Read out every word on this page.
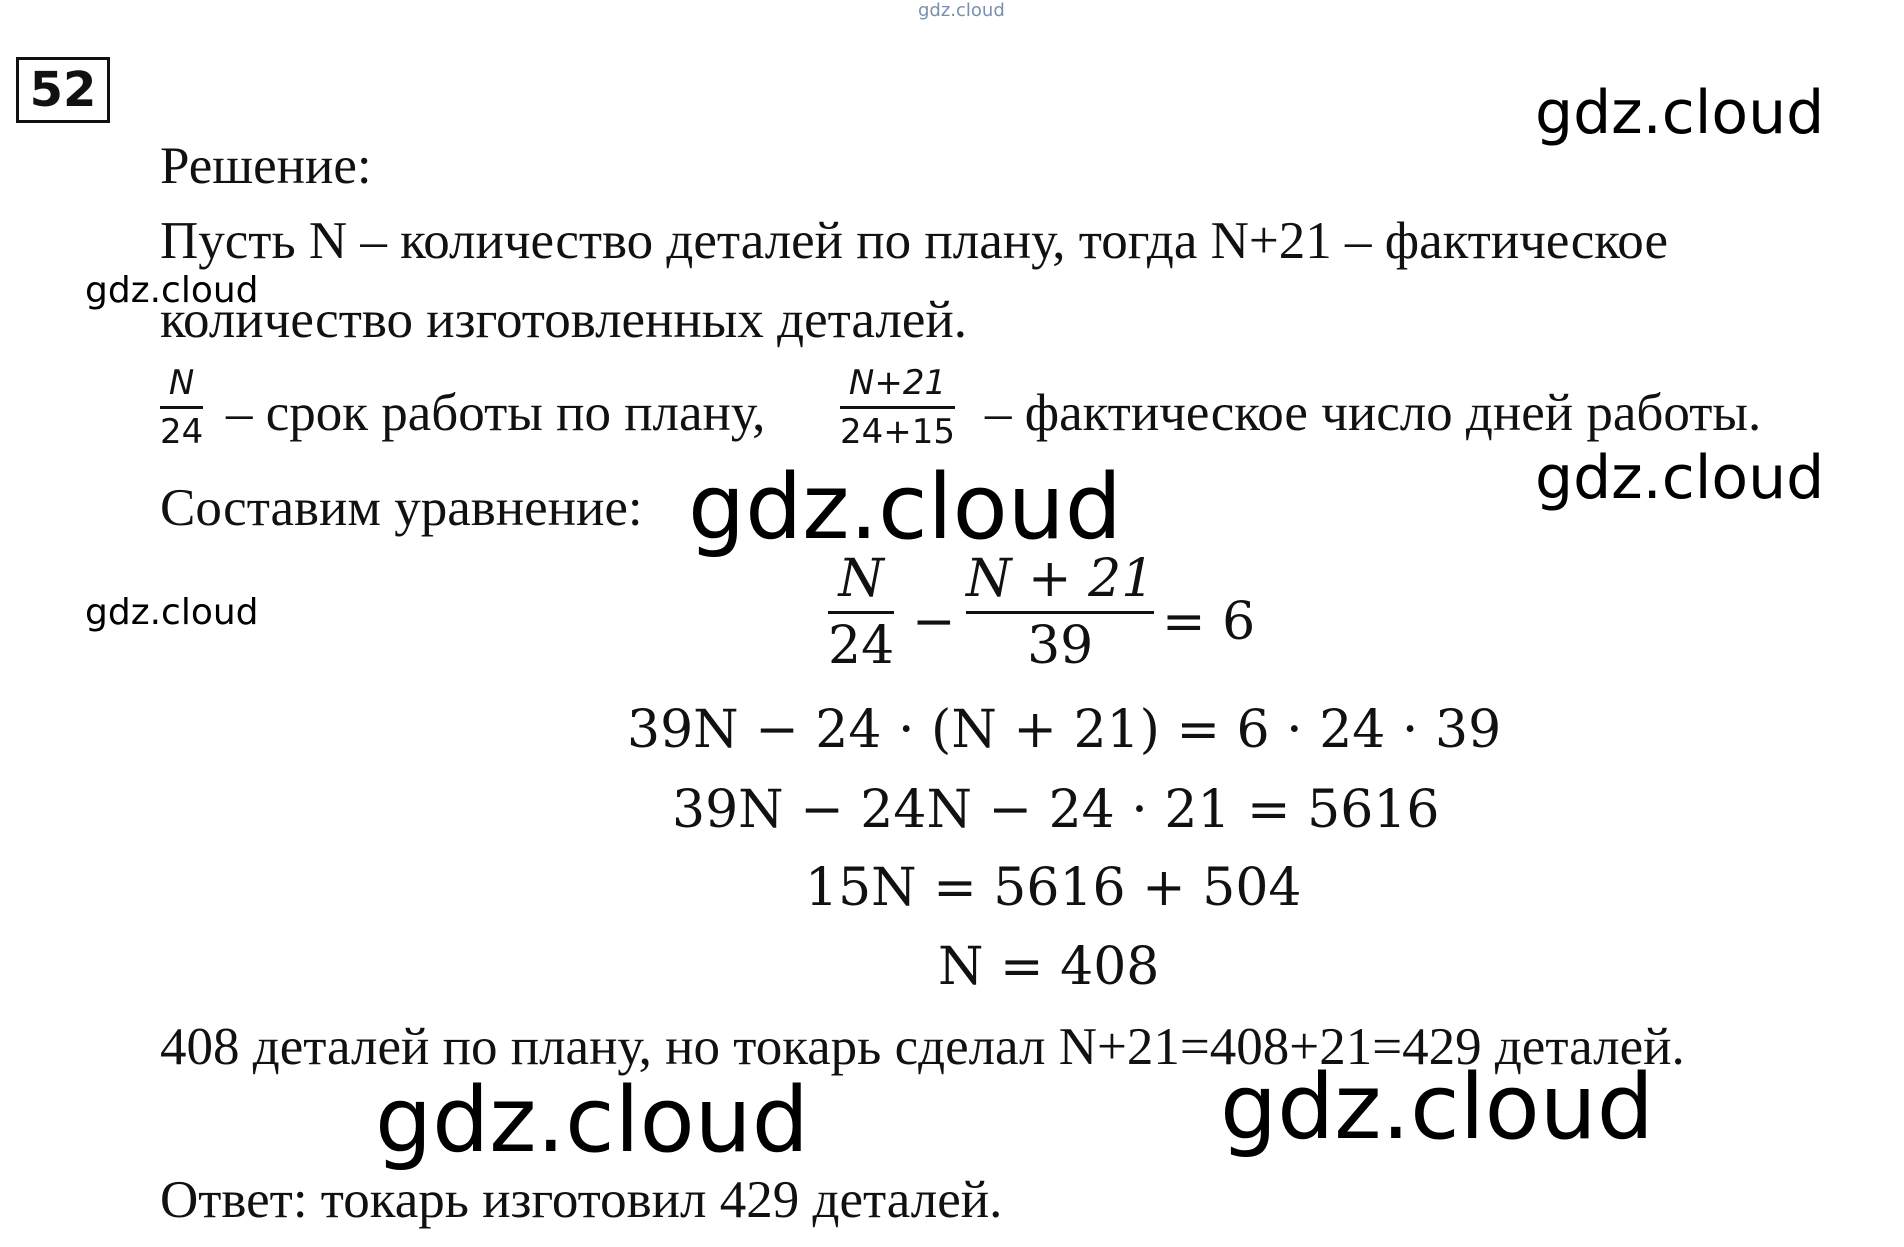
gdz.cloud
52	gdz.cloud
Решение:
Пусть N – количество деталей по плану, тогда N+21 – фактическое
gdz.cloud
количество изготовленных деталей.
N
24 – срок работы по плану,
N+21
24+15 – фактическое число дней работы.
gdz.cloud
Составим уравнение: gdz.cloud
gdz.cloud
N
24 −
N + 21
39 = 6
39N − 24 · (N + 21) = 6 · 24 · 39
39N − 24N − 24 · 21 = 5616
15N = 5616 + 504
N = 408
408 деталей по плану, но токарь сделал N+21=408+21=429 деталей.
gdz.cloud	gdz.cloud
Ответ: токарь изготовил 429 деталей.
